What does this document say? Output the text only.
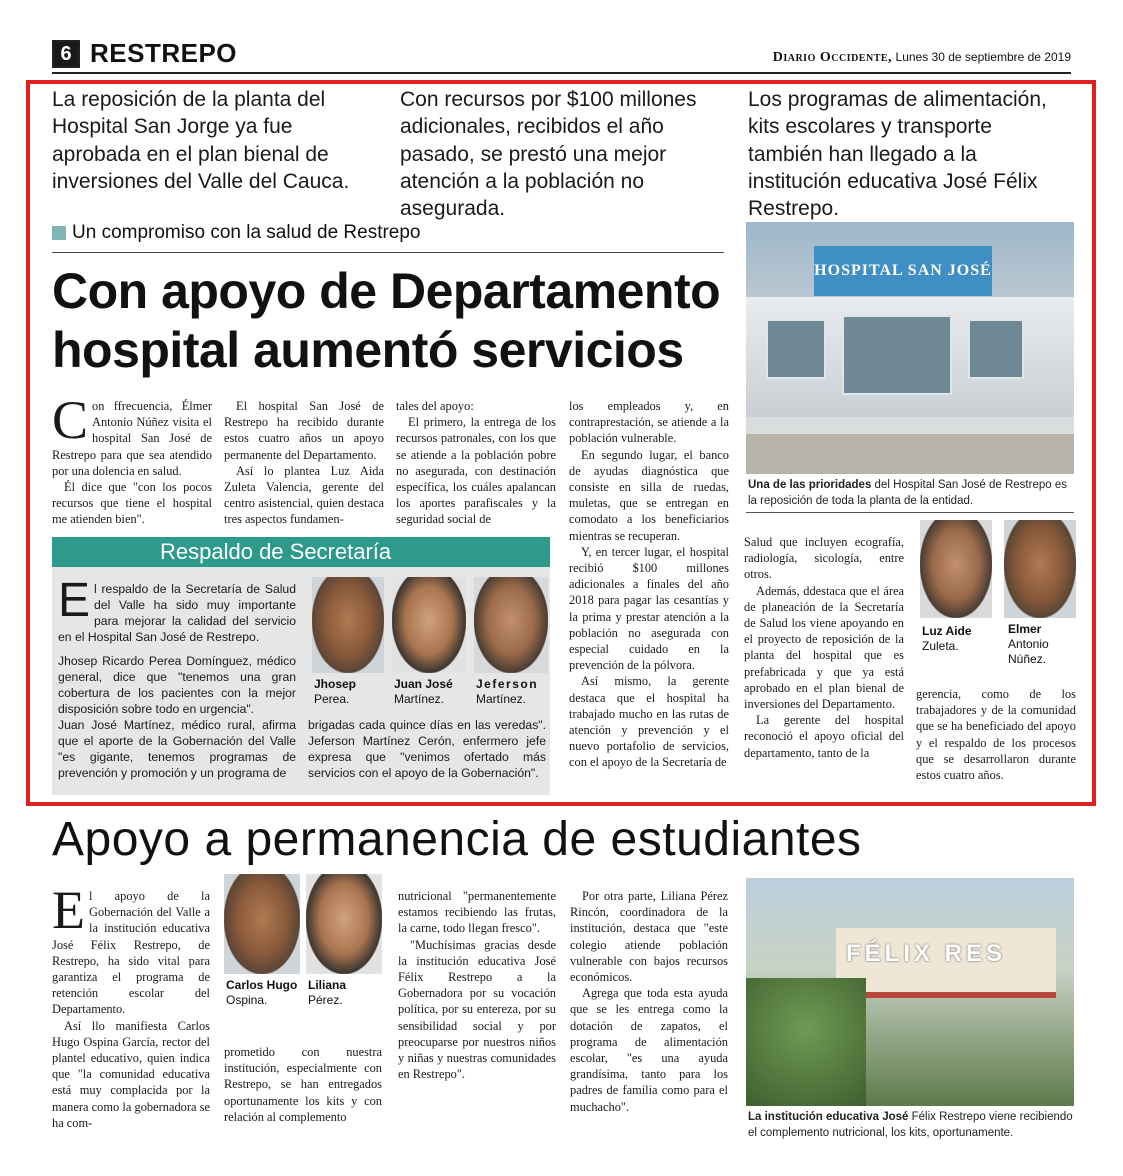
6 RESTREPO	Diario Occidente, Lunes 30 de septiembre de 2019
La reposición de la planta del Hospital San Jorge ya fue aprobada en el plan bienal de inversiones del Valle del Cauca.
Con recursos por $100 millones adicionales, recibidos el año pasado, se prestó una mejor atención a la población no asegurada.
Los programas de alimentación, kits escolares y transporte también han llegado a la institución educativa José Félix Restrepo.
Un compromiso con la salud de Restrepo
Con apoyo de Departamento hospital aumentó servicios

Con ffrecuencia, Élmer Antonio Núñez visita el hospital San José de Restrepo para que sea atendido por una dolencia en salud.

Él dice que "con los pocos recursos que tiene el hospital me atienden bien".

El hospital San José de Restrepo ha recibido durante estos cuatro años un apoyo permanente del Departamento.

Así lo plantea Luz Aida Zuleta Valencia, gerente del centro asistencial, quien destaca tres aspectos fundamen-

tales del apoyo:

El primero, la entrega de los recursos patronales, con los que se atiende a la población pobre no asegurada, con destinación específica, los cuáles apalancan los aportes parafiscales y la seguridad social de

los empleados y, en contraprestación, se atiende a la población vulnerable.

En segundo lugar, el banco de ayudas diagnóstica que consiste en silla de ruedas, muletas, que se entregan en comodato a los beneficiarios mientras se recuperan.

Y, en tercer lugar, el hospital recibió $100 millones adicionales a finales del año 2018 para pagar las cesantías y la prima y prestar atención a la población no asegurada con especial cuidado en la prevención de la pólvora.

Así mismo, la gerente destaca que el hospital ha trabajado mucho en las rutas de atención y prevención y el nuevo portafolio de servicios, con el apoyo de la Secretaría de

HOSPITAL SAN JOSÉ
Una de las prioridades del Hospital San José de Restrepo es la reposición de toda la planta de la entidad.

Salud que incluyen ecografía, radiología, sicología, entre otros.

Además, ddestaca que el área de planeación de la Secretaría de Salud los viene apoyando en el proyecto de reposición de la planta del hospital que es prefabricada y que ya está aprobado en el plan bienal de inversiones del Departamento.

La gerente del hospital reconoció el apoyo oficial del departamento, tanto de la

Luz Aide
Zuleta.
Elmer
Antonio Núñez.

gerencia, como de los trabajadores y de la comunidad que se ha beneficiado del apoyo y el respaldo de los procesos que se desarrollaron durante estos cuatro años.

Respaldo de Secretaría
El respaldo de la Secretaría de Salud del Valle ha sido muy importante para mejorar la calidad del servicio en el Hospital San José de Restrepo.
Jhosep Ricardo Perea Domínguez, médico general, dice que "tenemos una gran cobertura de los pacientes con la mejor disposición sobre todo en urgencia".
Juan José Martínez, médico rural, afirma que el aporte de la Gobernación del Valle "es gigante, tenemos programas de prevención y promoción y un programa de
Jhosep
Perea.
Juan José
Martínez.
Jeferson
Martínez.
brigadas cada quince días en las veredas". Jeferson Martínez Cerón, enfermero jefe expresa que "venimos ofertado más servicios con el apoyo de la Gobernación".
Apoyo a permanencia de estudiantes

El apoyo de la Gobernación del Valle a la institución educativa José Félix Restrepo, de Restrepo, ha sido vital para garantiza el programa de retención escolar del Departamento.

Así llo manifiesta Carlos Hugo Ospina García, rector del plantel educativo, quien indica que "la comunidad educativa está muy complacida por la manera como la gobernadora se ha com-

Carlos Hugo
Ospina.
Liliana
Pérez.

prometido con nuestra institución, especialmente con Restrepo, se han entregados oportunamente los kits y con relación al complemento

nutricional "permanentemente estamos recibiendo las frutas, la carne, todo llegan fresco".

"Muchísimas gracias desde la institución educativa José Félix Restrepo a la Gobernadora por su vocación política, por su entereza, por su sensibilidad social y por preocuparse por nuestros niños y niñas y nuestras comunidades en Restrepo".

Por otra parte, Liliana Pérez Rincón, coordinadora de la institución, destaca que "este colegio atiende población vulnerable con bajos recursos económicos.

Agrega que toda esta ayuda que se les entrega como la dotación de zapatos, el programa de alimentación escolar, "es una ayuda grandísima, tanto para los padres de familia como para el muchacho".

FÉLIX RES
La institución educativa José Félix Restrepo viene recibiendo el complemento nutricional, los kits, oportunamente.
